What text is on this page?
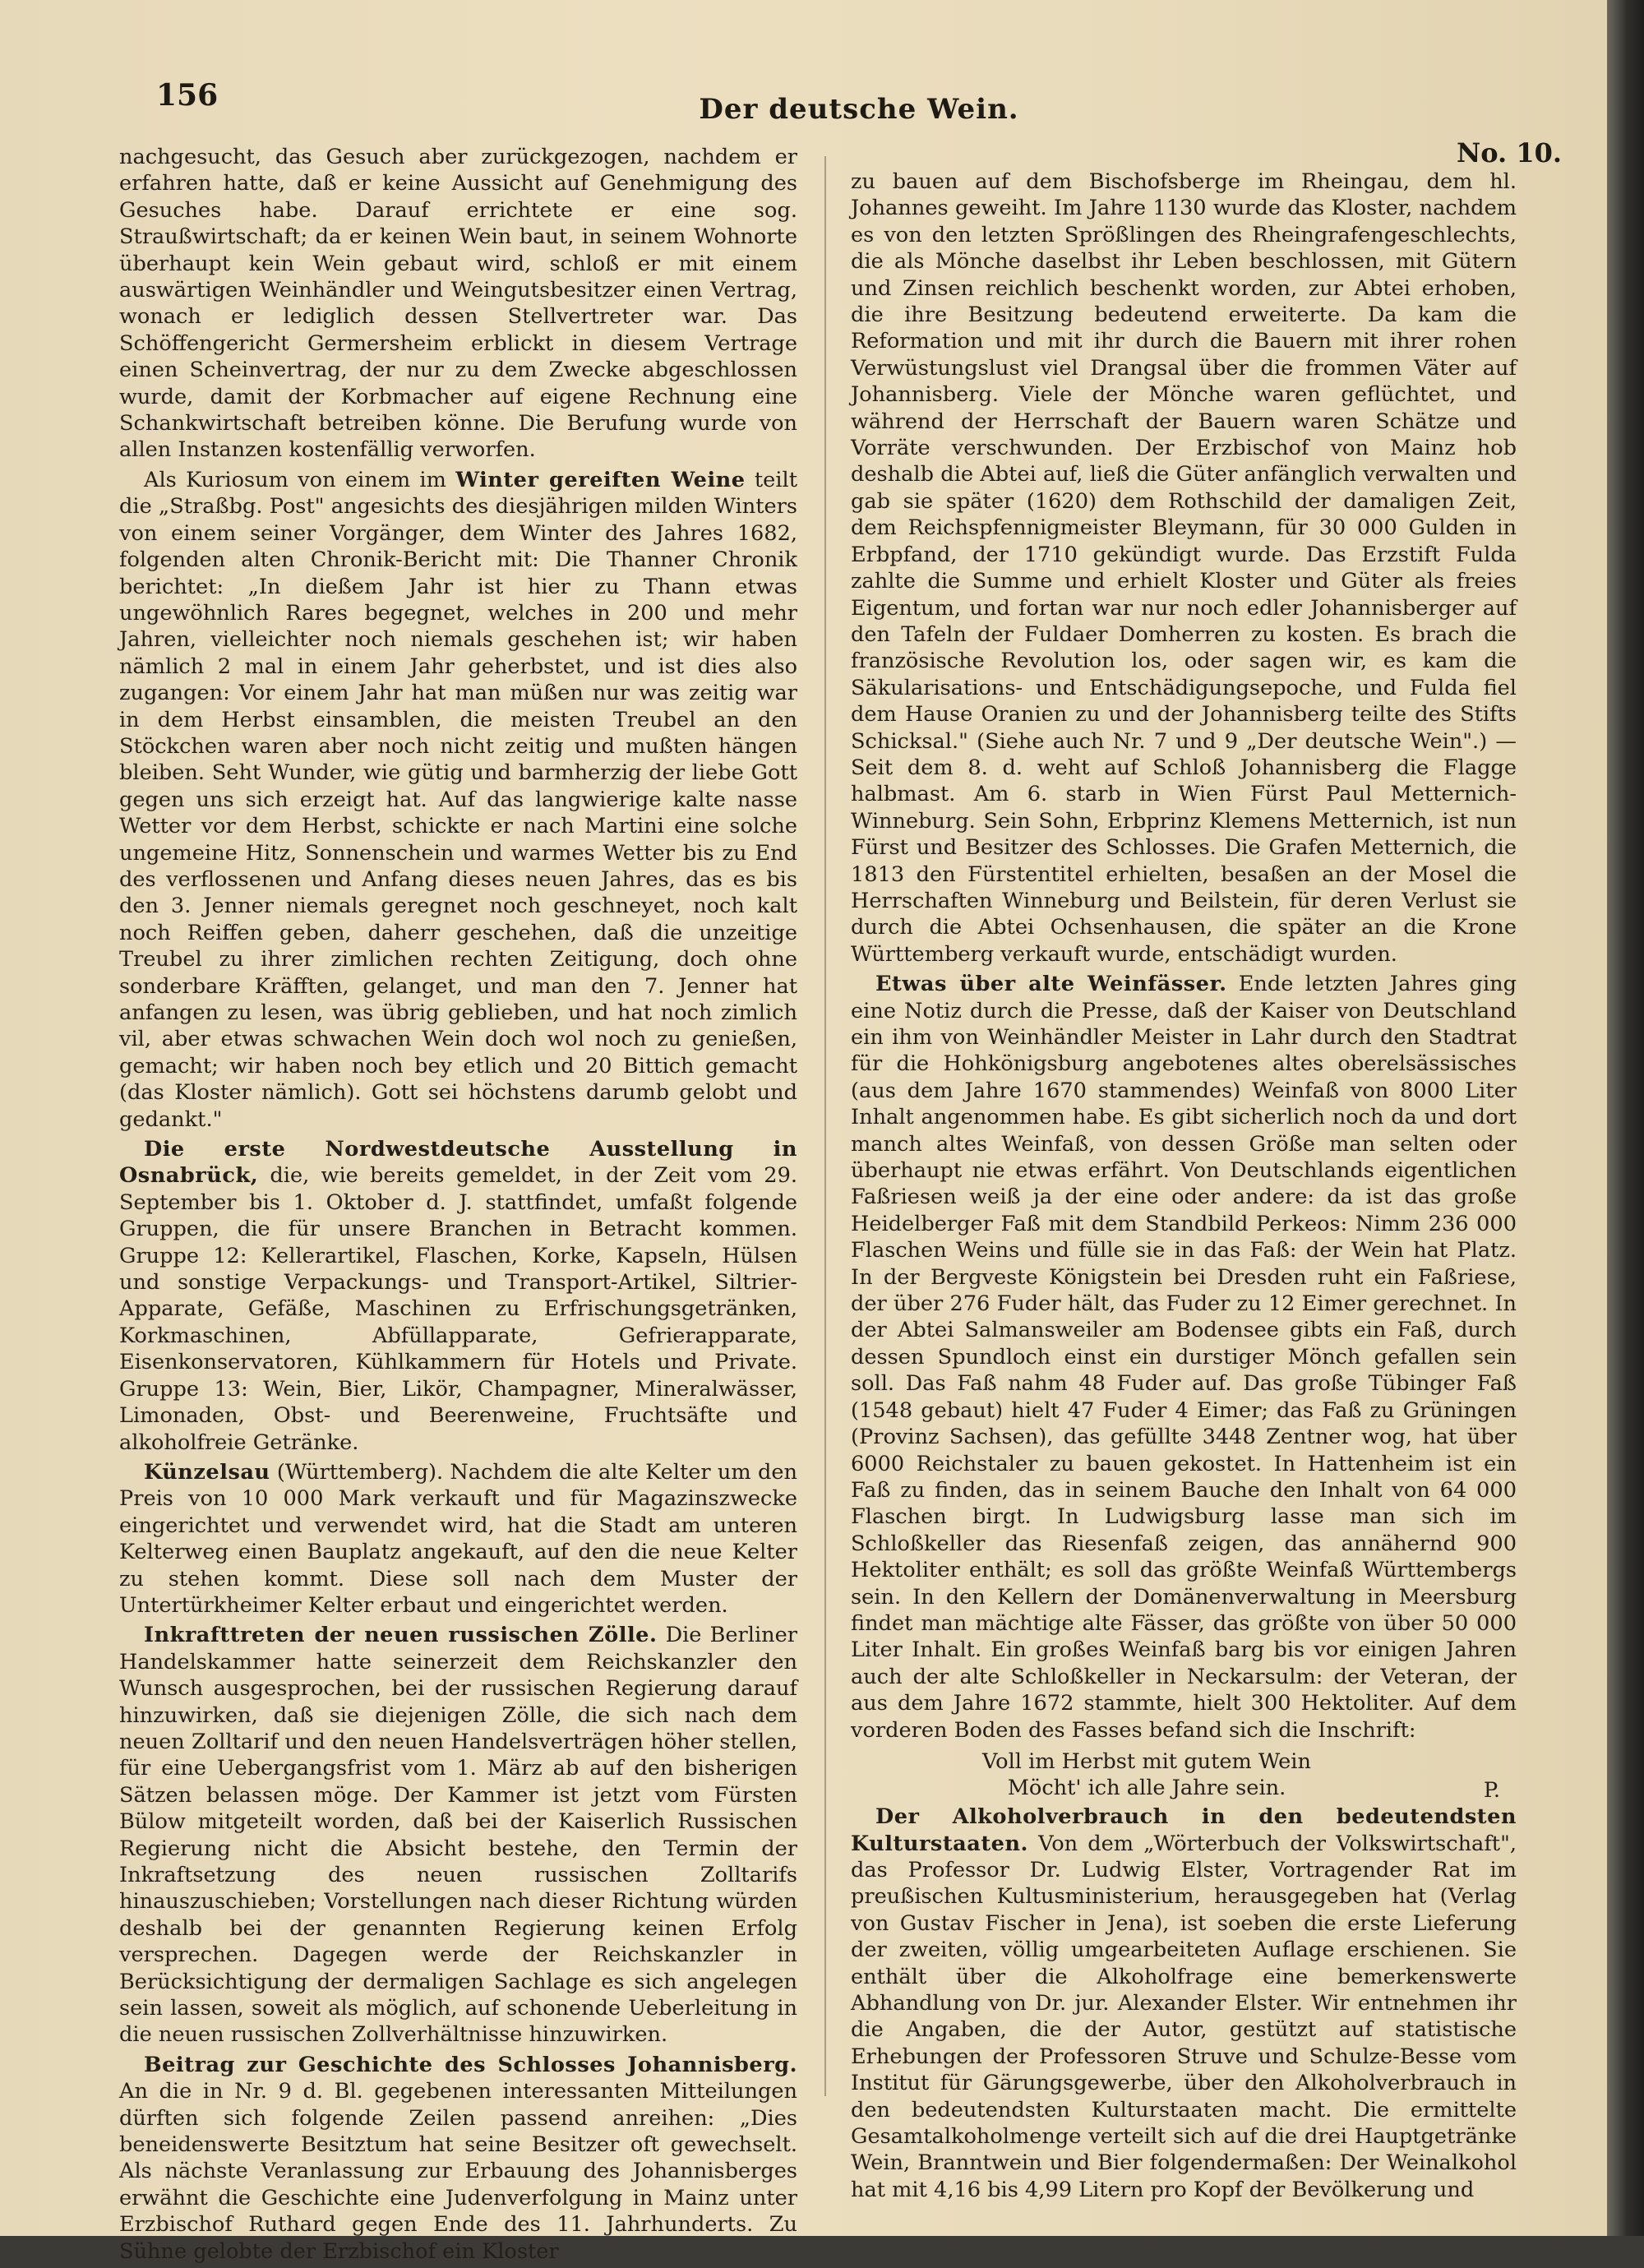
156	Der deutsche Wein.
No. 10.

nachgesucht, das Gesuch aber zurückgezogen, nachdem er erfahren hatte, daß er keine Aussicht auf Genehmigung des Gesuches habe. Darauf errichtete er eine sog. Straußwirtschaft; da er keinen Wein baut, in seinem Wohnorte überhaupt kein Wein gebaut wird, schloß er mit einem auswärtigen Weinhändler und Weingutsbesitzer einen Vertrag, wonach er lediglich dessen Stellvertreter war. Das Schöffengericht Germersheim erblickt in diesem Vertrage einen Scheinvertrag, der nur zu dem Zwecke abgeschlossen wurde, damit der Korbmacher auf eigene Rechnung eine Schankwirtschaft betreiben könne. Die Berufung wurde von allen Instanzen kostenfällig verworfen.

Als Kuriosum von einem im Winter gereiften Weine teilt die „Straßbg. Post" angesichts des diesjährigen milden Winters von einem seiner Vorgänger, dem Winter des Jahres 1682, folgenden alten Chronik-Bericht mit: Die Thanner Chronik berichtet: „In dießem Jahr ist hier zu Thann etwas ungewöhnlich Rares begegnet, welches in 200 und mehr Jahren, vielleichter noch niemals geschehen ist; wir haben nämlich 2 mal in einem Jahr geherbstet, und ist dies also zugangen: Vor einem Jahr hat man müßen nur was zeitig war in dem Herbst einsamblen, die meisten Treubel an den Stöckchen waren aber noch nicht zeitig und mußten hängen bleiben. Seht Wunder, wie gütig und barmherzig der liebe Gott gegen uns sich erzeigt hat. Auf das langwierige kalte nasse Wetter vor dem Herbst, schickte er nach Martini eine solche ungemeine Hitz, Sonnenschein und warmes Wetter bis zu End des verflossenen und Anfang dieses neuen Jahres, das es bis den 3. Jenner niemals geregnet noch geschneyet, noch kalt noch Reiffen geben, daherr geschehen, daß die unzeitige Treubel zu ihrer zimlichen rechten Zeitigung, doch ohne sonderbare Kräfften, gelanget, und man den 7. Jenner hat anfangen zu lesen, was übrig geblieben, und hat noch zimlich vil, aber etwas schwachen Wein doch wol noch zu genießen, gemacht; wir haben noch bey etlich und 20 Bittich gemacht (das Kloster nämlich). Gott sei höchstens darumb gelobt und gedankt."

Die erste Nordwestdeutsche Ausstellung in Osnabrück, die, wie bereits gemeldet, in der Zeit vom 29. September bis 1. Oktober d. J. stattfindet, umfaßt folgende Gruppen, die für unsere Branchen in Betracht kommen. Gruppe 12: Kellerartikel, Flaschen, Korke, Kapseln, Hülsen und sonstige Verpackungs- und Transport-Artikel, Siltrier-Apparate, Gefäße, Maschinen zu Erfrischungsgetränken, Korkmaschinen, Abfüllapparate, Gefrierapparate, Eisenkonservatoren, Kühlkammern für Hotels und Private. Gruppe 13: Wein, Bier, Likör, Champagner, Mineralwässer, Limonaden, Obst- und Beerenweine, Fruchtsäfte und alkoholfreie Getränke.

Künzelsau (Württemberg). Nachdem die alte Kelter um den Preis von 10 000 Mark verkauft und für Magazinszwecke eingerichtet und verwendet wird, hat die Stadt am unteren Kelterweg einen Bauplatz angekauft, auf den die neue Kelter zu stehen kommt. Diese soll nach dem Muster der Untertürkheimer Kelter erbaut und eingerichtet werden.

Inkrafttreten der neuen russischen Zölle. Die Berliner Handelskammer hatte seinerzeit dem Reichskanzler den Wunsch ausgesprochen, bei der russischen Regierung darauf hinzuwirken, daß sie diejenigen Zölle, die sich nach dem neuen Zolltarif und den neuen Handelsverträgen höher stellen, für eine Uebergangsfrist vom 1. März ab auf den bisherigen Sätzen belassen möge. Der Kammer ist jetzt vom Fürsten Bülow mitgeteilt worden, daß bei der Kaiserlich Russischen Regierung nicht die Absicht bestehe, den Termin der Inkraftsetzung des neuen russischen Zolltarifs hinauszuschieben; Vorstellungen nach dieser Richtung würden deshalb bei der genannten Regierung keinen Erfolg versprechen. Dagegen werde der Reichskanzler in Berücksichtigung der dermaligen Sachlage es sich angelegen sein lassen, soweit als möglich, auf schonende Ueberleitung in die neuen russischen Zollverhältnisse hinzuwirken.

Beitrag zur Geschichte des Schlosses Johannisberg. An die in Nr. 9 d. Bl. gegebenen interessanten Mitteilungen dürften sich folgende Zeilen passend anreihen: „Dies beneidenswerte Besitztum hat seine Besitzer oft gewechselt. Als nächste Veranlassung zur Erbauung des Johannisberges erwähnt die Geschichte eine Judenverfolgung in Mainz unter Erzbischof Ruthard gegen Ende des 11. Jahrhunderts. Zu Sühne gelobte der Erzbischof ein Kloster

zu bauen auf dem Bischofsberge im Rheingau, dem hl. Johannes geweiht. Im Jahre 1130 wurde das Kloster, nachdem es von den letzten Sprößlingen des Rheingrafengeschlechts, die als Mönche daselbst ihr Leben beschlossen, mit Gütern und Zinsen reichlich beschenkt worden, zur Abtei erhoben, die ihre Besitzung bedeutend erweiterte. Da kam die Reformation und mit ihr durch die Bauern mit ihrer rohen Verwüstungslust viel Drangsal über die frommen Väter auf Johannisberg. Viele der Mönche waren geflüchtet, und während der Herrschaft der Bauern waren Schätze und Vorräte verschwunden. Der Erzbischof von Mainz hob deshalb die Abtei auf, ließ die Güter anfänglich verwalten und gab sie später (1620) dem Rothschild der damaligen Zeit, dem Reichspfennigmeister Bleymann, für 30 000 Gulden in Erbpfand, der 1710 gekündigt wurde. Das Erzstift Fulda zahlte die Summe und erhielt Kloster und Güter als freies Eigentum, und fortan war nur noch edler Johannisberger auf den Tafeln der Fuldaer Domherren zu kosten. Es brach die französische Revolution los, oder sagen wir, es kam die Säkularisations- und Entschädigungsepoche, und Fulda fiel dem Hause Oranien zu und der Johannisberg teilte des Stifts Schicksal." (Siehe auch Nr. 7 und 9 „Der deutsche Wein".) — Seit dem 8. d. weht auf Schloß Johannisberg die Flagge halbmast. Am 6. starb in Wien Fürst Paul Metternich-Winneburg. Sein Sohn, Erbprinz Klemens Metternich, ist nun Fürst und Besitzer des Schlosses. Die Grafen Metternich, die 1813 den Fürstentitel erhielten, besaßen an der Mosel die Herrschaften Winneburg und Beilstein, für deren Verlust sie durch die Abtei Ochsenhausen, die später an die Krone Württemberg verkauft wurde, entschädigt wurden.

Etwas über alte Weinfässer. Ende letzten Jahres ging eine Notiz durch die Presse, daß der Kaiser von Deutschland ein ihm von Weinhändler Meister in Lahr durch den Stadtrat für die Hohkönigsburg angebotenes altes oberelsässisches (aus dem Jahre 1670 stammendes) Weinfaß von 8000 Liter Inhalt angenommen habe. Es gibt sicherlich noch da und dort manch altes Weinfaß, von dessen Größe man selten oder überhaupt nie etwas erfährt. Von Deutschlands eigentlichen Faßriesen weiß ja der eine oder andere: da ist das große Heidelberger Faß mit dem Standbild Perkeos: Nimm 236 000 Flaschen Weins und fülle sie in das Faß: der Wein hat Platz. In der Bergveste Königstein bei Dresden ruht ein Faßriese, der über 276 Fuder hält, das Fuder zu 12 Eimer gerechnet. In der Abtei Salmansweiler am Bodensee gibts ein Faß, durch dessen Spundloch einst ein durstiger Mönch gefallen sein soll. Das Faß nahm 48 Fuder auf. Das große Tübinger Faß (1548 gebaut) hielt 47 Fuder 4 Eimer; das Faß zu Grüningen (Provinz Sachsen), das gefüllte 3448 Zentner wog, hat über 6000 Reichstaler zu bauen gekostet. In Hattenheim ist ein Faß zu finden, das in seinem Bauche den Inhalt von 64 000 Flaschen birgt. In Ludwigsburg lasse man sich im Schloßkeller das Riesenfaß zeigen, das annähernd 900 Hektoliter enthält; es soll das größte Weinfaß Württembergs sein. In den Kellern der Domänenverwaltung in Meersburg findet man mächtige alte Fässer, das größte von über 50 000 Liter Inhalt. Ein großes Weinfaß barg bis vor einigen Jahren auch der alte Schloßkeller in Neckarsulm: der Veteran, der aus dem Jahre 1672 stammte, hielt 300 Hektoliter. Auf dem vorderen Boden des Fasses befand sich die Inschrift:

Voll im Herbst mit gutem Wein
Möcht' ich alle Jahre sein.	P.

Der Alkoholverbrauch in den bedeutendsten Kulturstaaten. Von dem „Wörterbuch der Volkswirtschaft", das Professor Dr. Ludwig Elster, Vortragender Rat im preußischen Kultusministerium, herausgegeben hat (Verlag von Gustav Fischer in Jena), ist soeben die erste Lieferung der zweiten, völlig umgearbeiteten Auflage erschienen. Sie enthält über die Alkoholfrage eine bemerkenswerte Abhandlung von Dr. jur. Alexander Elster. Wir entnehmen ihr die Angaben, die der Autor, gestützt auf statistische Erhebungen der Professoren Struve und Schulze-Besse vom Institut für Gärungsgewerbe, über den Alkoholverbrauch in den bedeutendsten Kulturstaaten macht. Die ermittelte Gesamtalkoholmenge verteilt sich auf die drei Hauptgetränke Wein, Branntwein und Bier folgendermaßen: Der Weinalkohol hat mit 4,16 bis 4,99 Litern pro Kopf der Bevölkerung und
